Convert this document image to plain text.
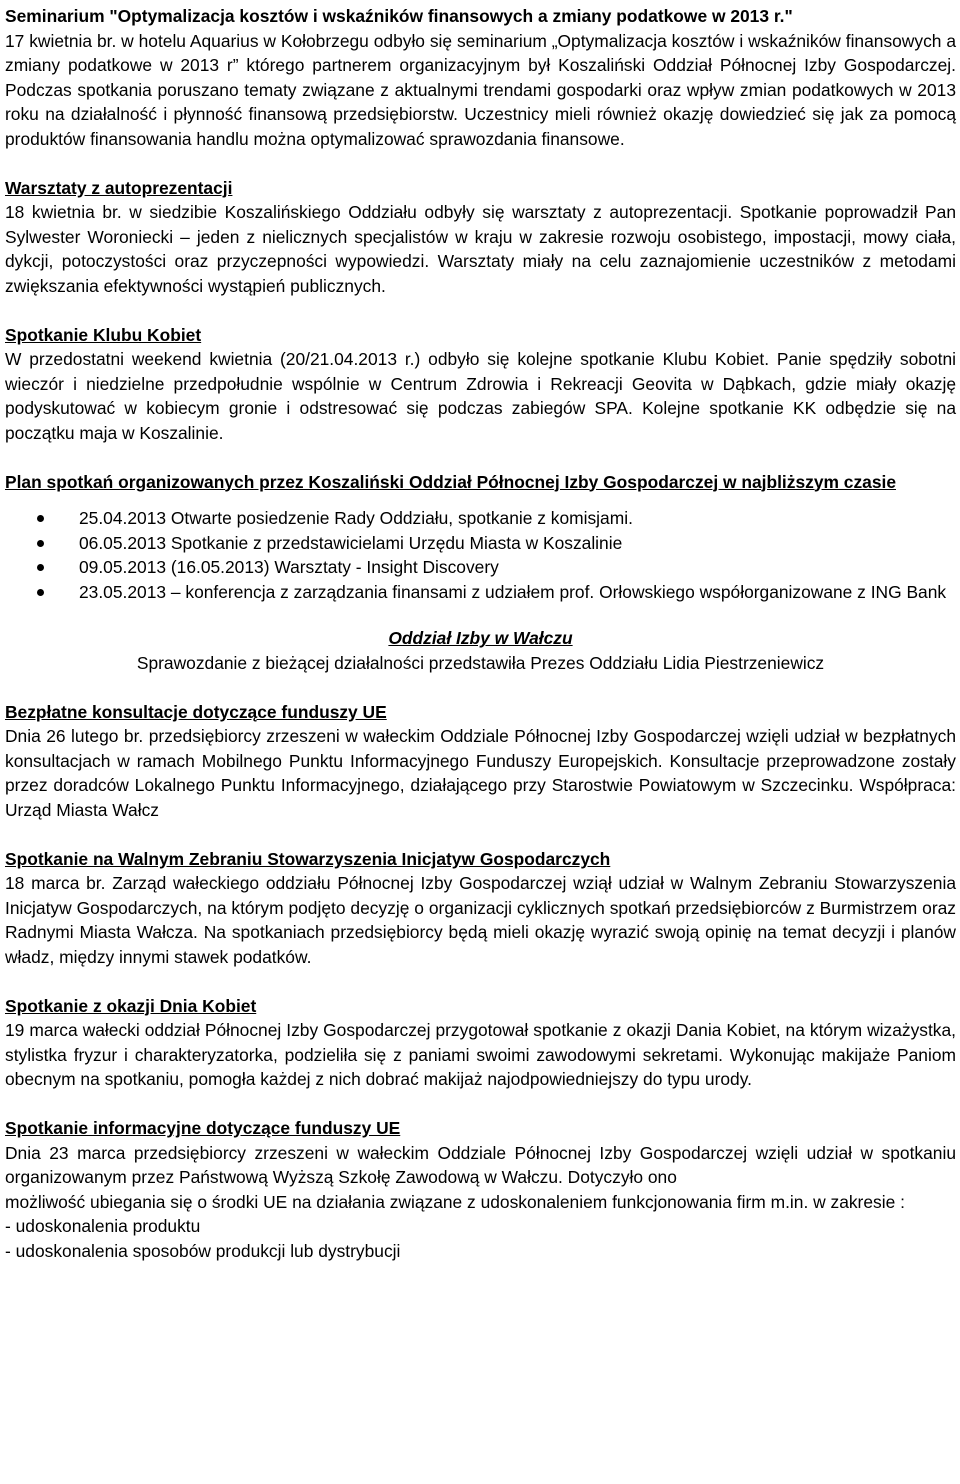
Seminarium "Optymalizacja kosztów i wskaźników finansowych a zmiany podatkowe w 2013 r."

17 kwietnia br. w hotelu Aquarius w Kołobrzegu odbyło się seminarium „Optymalizacja kosztów i wskaźników finansowych a zmiany podatkowe w 2013 r” którego partnerem organizacyjnym był Koszaliński Oddział Północnej Izby Gospodarczej. Podczas spotkania poruszano tematy związane z aktualnymi trendami gospodarki oraz wpływ zmian podatkowych w 2013 roku na działalność i płynność finansową przedsiębiorstw. Uczestnicy mieli również okazję dowiedzieć się jak za pomocą produktów finansowania handlu można optymalizować sprawozdania finansowe.

Warsztaty z autoprezentacji

18 kwietnia br. w siedzibie Koszalińskiego Oddziału odbyły się warsztaty z autoprezentacji. Spotkanie poprowadził Pan Sylwester Woroniecki – jeden z nielicznych specjalistów w kraju w zakresie rozwoju osobistego, impostacji, mowy ciała, dykcji, potoczystości oraz przyczepności wypowiedzi. Warsztaty miały na celu zaznajomienie uczestników z metodami zwiększania efektywności wystąpień publicznych.

Spotkanie Klubu Kobiet

W przedostatni weekend kwietnia (20/21.04.2013 r.) odbyło się kolejne spotkanie Klubu Kobiet. Panie spędziły sobotni wieczór i niedzielne przedpołudnie wspólnie w Centrum Zdrowia i Rekreacji Geovita w Dąbkach, gdzie miały okazję podyskutować w kobiecym gronie i odstresować się podczas zabiegów SPA. Kolejne spotkanie KK odbędzie się na początku maja w Koszalinie.

Plan spotkań organizowanych przez Koszaliński Oddział Północnej Izby Gospodarczej w najbliższym czasie

25.04.2013 Otwarte posiedzenie Rady Oddziału, spotkanie z komisjami.
06.05.2013 Spotkanie z przedstawicielami Urzędu Miasta w Koszalinie
09.05.2013 (16.05.2013) Warsztaty - Insight Discovery
23.05.2013 – konferencja z zarządzania finansami z udziałem prof. Orłowskiego współorganizowane z ING Bank

Oddział Izby w Wałczu

Sprawozdanie z bieżącej działalności przedstawiła Prezes Oddziału Lidia Piestrzeniewicz

Bezpłatne konsultacje dotyczące funduszy UE

Dnia 26 lutego br. przedsiębiorcy zrzeszeni w wałeckim Oddziale Północnej Izby Gospodarczej wzięli udział w bezpłatnych konsultacjach w ramach Mobilnego Punktu Informacyjnego Funduszy Europejskich. Konsultacje przeprowadzone zostały przez doradców Lokalnego Punktu Informacyjnego, działającego przy Starostwie Powiatowym w Szczecinku. Współpraca: Urząd Miasta Wałcz

Spotkanie na Walnym Zebraniu Stowarzyszenia Inicjatyw Gospodarczych

18 marca br. Zarząd wałeckiego oddziału Północnej Izby Gospodarczej wziął udział w Walnym Zebraniu Stowarzyszenia Inicjatyw Gospodarczych, na którym podjęto decyzję o organizacji cyklicznych spotkań przedsiębiorców z Burmistrzem oraz Radnymi Miasta Wałcza. Na spotkaniach przedsiębiorcy będą mieli okazję wyrazić swoją opinię na temat decyzji i planów władz, między innymi stawek podatków.

Spotkanie z okazji Dnia Kobiet

19 marca wałecki oddział Północnej Izby Gospodarczej przygotował spotkanie z okazji Dania Kobiet, na którym wizażystka, stylistka fryzur i charakteryzatorka, podzieliła się z paniami swoimi zawodowymi sekretami. Wykonując makijaże Paniom obecnym na spotkaniu, pomogła każdej z nich dobrać makijaż najodpowiedniejszy do typu urody.

Spotkanie informacyjne dotyczące funduszy UE

Dnia 23 marca przedsiębiorcy zrzeszeni w wałeckim Oddziale Północnej Izby Gospodarczej wzięli udział w spotkaniu organizowanym przez Państwową Wyższą Szkołę Zawodową w Wałczu. Dotyczyło ono

możliwość ubiegania się o środki UE na działania związane z udoskonaleniem funkcjonowania firm m.in. w zakresie :

- udoskonalenia produktu
- udoskonalenia sposobów produkcji lub dystrybucji
